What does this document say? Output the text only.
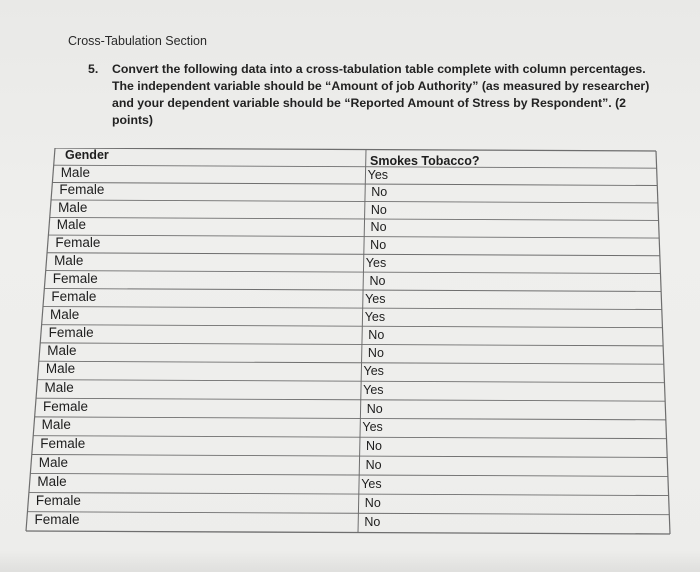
Cross-Tabulation Section
5. Convert the following data into a cross-tabulation table complete with column percentages. The independent variable should be “Amount of job Authority” (as measured by researcher) and your dependent variable should be “Reported Amount of Stress by Respondent”. (2 points)
Gender	Smokes Tobacco?
Male	Yes
Female	No
Male	No
Male	No
Female	No
Male	Yes
Female	No
Female	Yes
Male	Yes
Female	No
Male	No
Male	Yes
Male	Yes
Female	No
Male	Yes
Female	No
Male	No
Male	Yes
Female	No
Female	No
